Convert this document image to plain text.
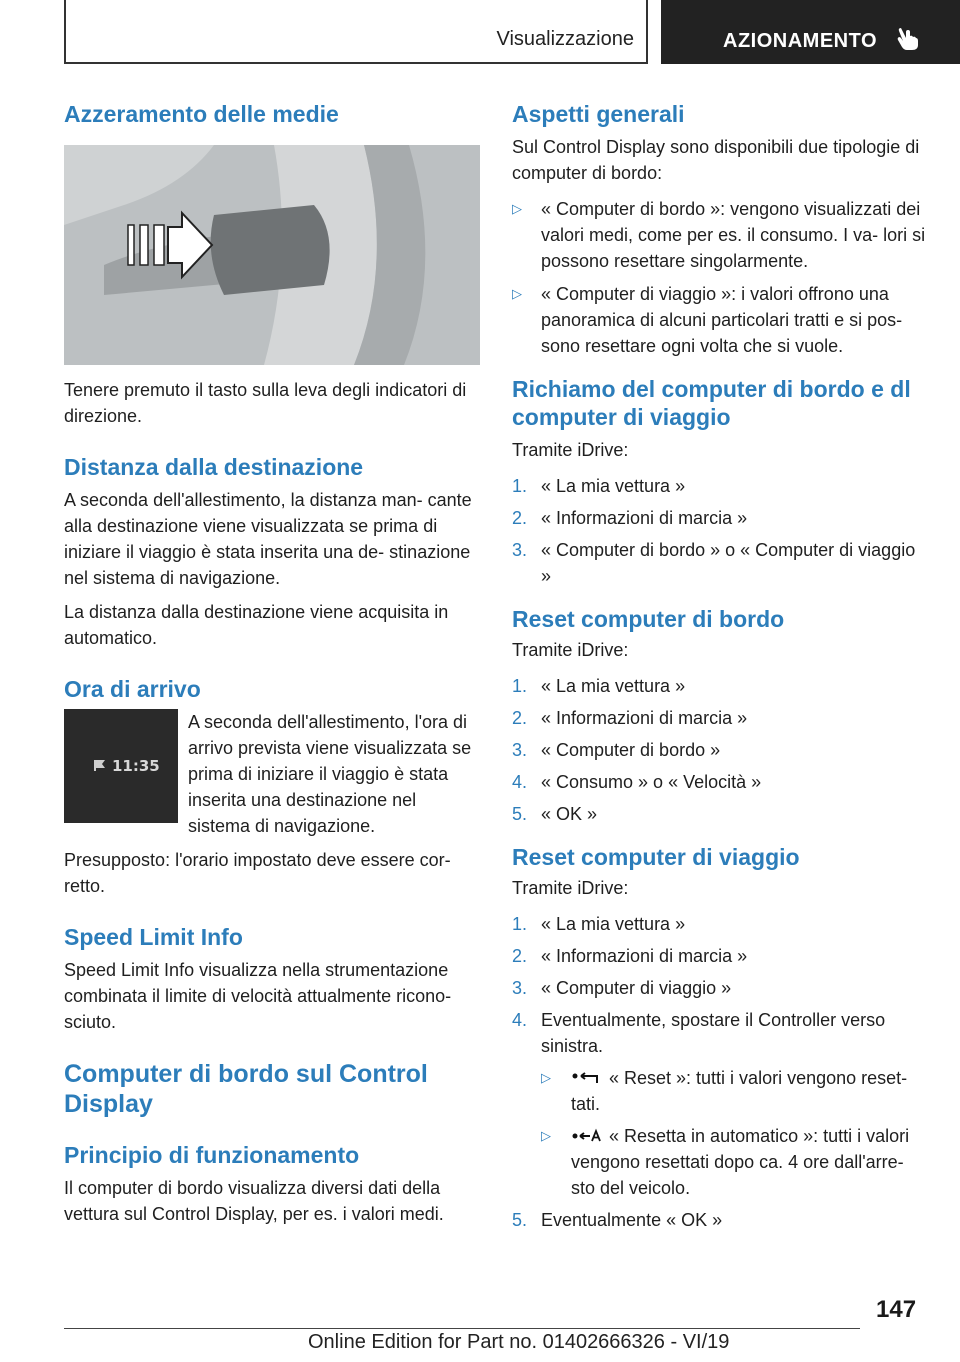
Visualizzazione	AZIONAMENTO
Azzeramento delle medie

Tenere premuto il tasto sulla leva degli indicatori di direzione.

Distanza dalla destinazione

A seconda dell'allestimento, la distanza man- cante alla destinazione viene visualizzata se prima di iniziare il viaggio è stata inserita una de- stinazione nel sistema di navigazione.

La distanza dalla destinazione viene acquisita in automatico.

Ora di arrivo
11:35

A seconda dell'allestimento, l'ora di arrivo prevista viene visualizzata se prima di iniziare il viaggio è stata inserita una destinazione nel sistema di navigazione.

Presupposto: l'orario impostato deve essere cor- retto.

Speed Limit Info

Speed Limit Info visualizza nella strumentazione combinata il limite di velocità attualmente ricono- sciuto.

Computer di bordo sul Control Display
Principio di funzionamento

Il computer di bordo visualizza diversi dati della vettura sul Control Display, per es. i valori medi.

Aspetti generali

Sul Control Display sono disponibili due tipologie di computer di bordo:

▷ « Computer di bordo »: vengono visualizzati dei valori medi, come per es. il consumo. I va- lori si possono resettare singolarmente.
▷ « Computer di viaggio »: i valori offrono una panoramica di alcuni particolari tratti e si pos- sono resettare ogni volta che si vuole.
Richiamo del computer di bordo e dl computer di viaggio

Tramite iDrive:

1. « La mia vettura »
2. « Informazioni di marcia »
3. « Computer di bordo » o « Computer di viaggio »
Reset computer di bordo

Tramite iDrive:

1. « La mia vettura »
2. « Informazioni di marcia »
3. « Computer di bordo »
4. « Consumo » o « Velocità »
5. « OK »
Reset computer di viaggio

Tramite iDrive:

1. « La mia vettura »
2. « Informazioni di marcia »
3. « Computer di viaggio »
4. Eventualmente, spostare il Controller verso sinistra.
▷	« Reset »: tutti i valori vengono reset- tati.
▷	« Resetta in automatico »: tutti i valori vengono resettati dopo ca. 4 ore dall'arre- sto del veicolo.
5. Eventualmente « OK »
147
Online Edition for Part no. 01402666326 - VI/19
